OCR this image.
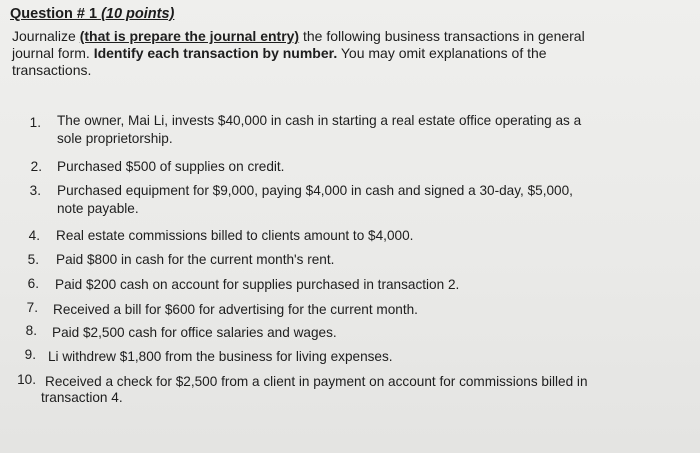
Question # 1 (10 points)
Journalize (that is prepare the journal entry) the following business transactions in general
journal form. Identify each transaction by number. You may omit explanations of the
transactions.
1. The owner, Mai Li, invests $40,000 in cash in starting a real estate office operating as a
sole proprietorship.
2. Purchased $500 of supplies on credit.
3. Purchased equipment for $9,000, paying $4,000 in cash and signed a 30-day, $5,000,
note payable.
4. Real estate commissions billed to clients amount to $4,000.
5. Paid $800 in cash for the current month's rent.
6. Paid $200 cash on account for supplies purchased in transaction 2.
7. Received a bill for $600 for advertising for the current month.
8. Paid $2,500 cash for office salaries and wages.
9. Li withdrew $1,800 from the business for living expenses.
10. Received a check for $2,500 from a client in payment on account for commissions billed in
transaction 4.
